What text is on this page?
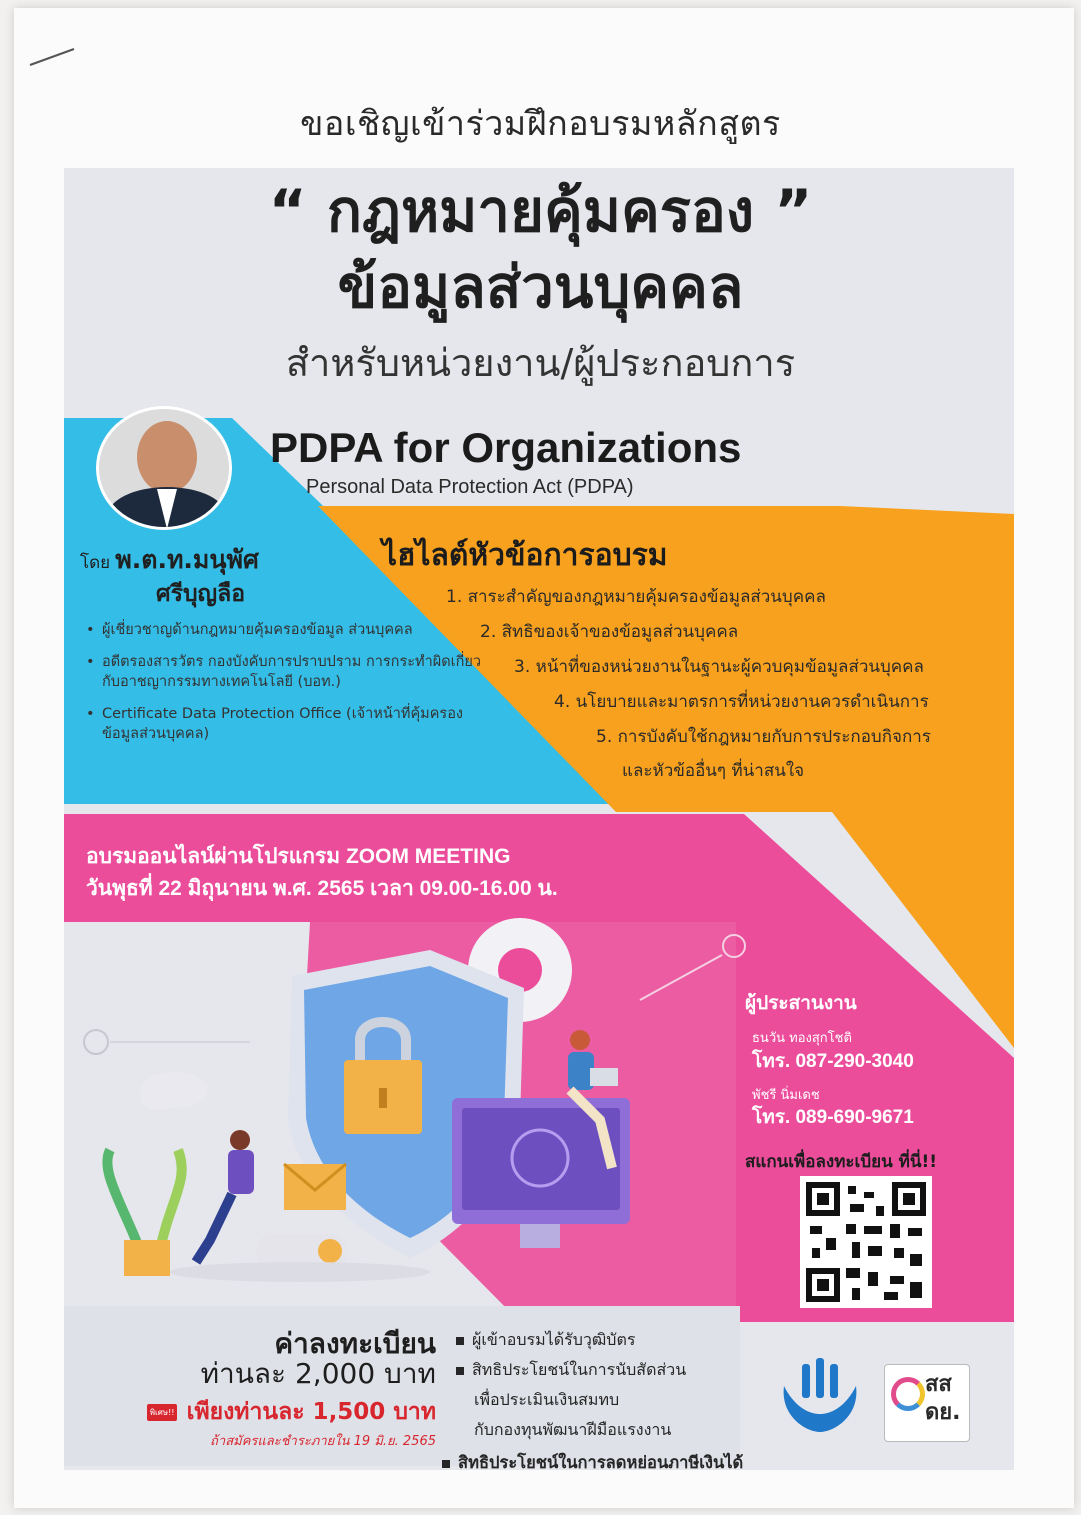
ขอเชิญเข้าร่วมฝึกอบรมหลักสูตร
“ กฎหมายคุ้มครอง ”
ข้อมูลส่วนบุคคล
สำหรับหน่วยงาน/ผู้ประกอบการ
PDPA for Organizations
Personal Data Protection Act (PDPA)
โดย พ.ต.ท.มนุพัศ
ศรีบุญลือ
• ผู้เชี่ยวชาญด้านกฎหมายคุ้มครองข้อมูล ส่วนบุคคล
• อดีตรองสารวัตร กองบังคับการปราบปราม การกระทำผิดเกี่ยวกับอาชญากรรมทางเทคโนโลยี (บอท.)
• Certificate Data Protection Office (เจ้าหน้าที่คุ้มครองข้อมูลส่วนบุคคล)
ไฮไลต์หัวข้อการอบรม
1. สาระสำคัญของกฎหมายคุ้มครองข้อมูลส่วนบุคคล
2. สิทธิของเจ้าของข้อมูลส่วนบุคคล
3. หน้าที่ของหน่วยงานในฐานะผู้ควบคุมข้อมูลส่วนบุคคล
4. นโยบายและมาตรการที่หน่วยงานควรดำเนินการ
5. การบังคับใช้กฎหมายกับการประกอบกิจการ
และหัวข้ออื่นๆ ที่น่าสนใจ
อบรมออนไลน์ผ่านโปรแกรม ZOOM MEETING
วันพุธที่ 22 มิถุนายน พ.ศ. 2565 เวลา 09.00-16.00 น.
ผู้ประสานงาน
ธนวัน ทองสุกโชติ
โทร. 087-290-3040
พัชรี นิ่มเดช
โทร. 089-690-9671
สแกนเพื่อลงทะเบียน ที่นี่!!
ค่าลงทะเบียน
ท่านละ 2,000 บาท
พิเศษ!! เพียงท่านละ 1,500 บาท
ถ้าสมัครและชำระภายใน 19 มิ.ย. 2565
ผู้เข้าอบรมได้รับวุฒิบัตร
สิทธิประโยชน์ในการนับสัดส่วน
เพื่อประเมินเงินสมทบ
กับกองทุนพัฒนาฝีมือแรงงาน
สิทธิประโยชน์ในการลดหย่อนภาษีเงินได้
สส ดย.
